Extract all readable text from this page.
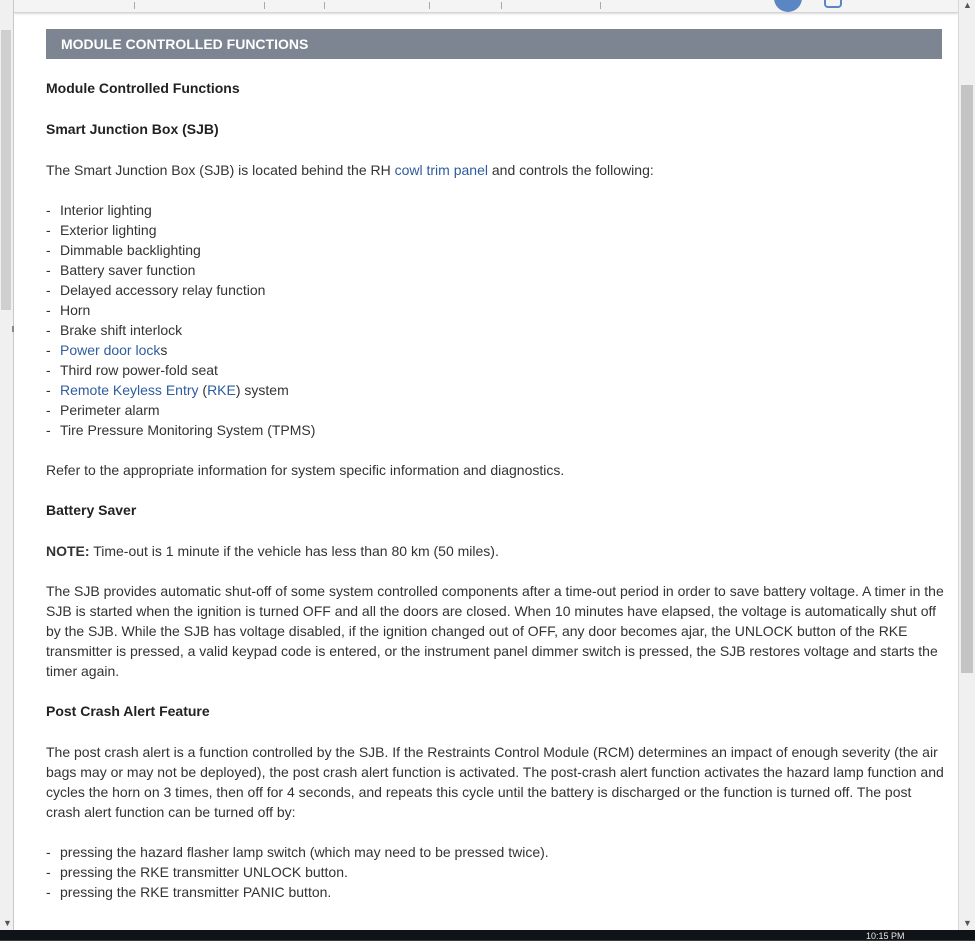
▼
MODULE CONTROLLED FUNCTIONS
Module Controlled Functions
Smart Junction Box (SJB)

The Smart Junction Box (SJB) is located behind the RH cowl trim panel and controls the following:

- Interior lighting
- Exterior lighting
- Dimmable backlighting
- Battery saver function
- Delayed accessory relay function
- Horn
- Brake shift interlock
- Power door locks
- Third row power-fold seat
- Remote Keyless Entry (RKE) system
- Perimeter alarm
- Tire Pressure Monitoring System (TPMS)

Refer to the appropriate information for system specific information and diagnostics.

Battery Saver

NOTE: Time-out is 1 minute if the vehicle has less than 80 km (50 miles).

The SJB provides automatic shut-off of some system controlled components after a time-out period in order to save battery voltage. A timer in the SJB is started when the ignition is turned OFF and all the doors are closed. When 10 minutes have elapsed, the voltage is automatically shut off by the SJB. While the SJB has voltage disabled, if the ignition changed out of OFF, any door becomes ajar, the UNLOCK button of the RKE transmitter is pressed, a valid keypad code is entered, or the instrument panel dimmer switch is pressed, the SJB restores voltage and starts the timer again.

Post Crash Alert Feature

The post crash alert is a function controlled by the SJB. If the Restraints Control Module (RCM) determines an impact of enough severity (the air bags may or may not be deployed), the post crash alert function is activated. The post-crash alert function activates the hazard lamp function and cycles the horn on 3 times, then off for 4 seconds, and repeats this cycle until the battery is discharged or the function is turned off. The post crash alert function can be turned off by:

- pressing the hazard flasher lamp switch (which may need to be pressed twice).
- pressing the RKE transmitter UNLOCK button.
- pressing the RKE transmitter PANIC button.
▲
▼
10:15 PM
